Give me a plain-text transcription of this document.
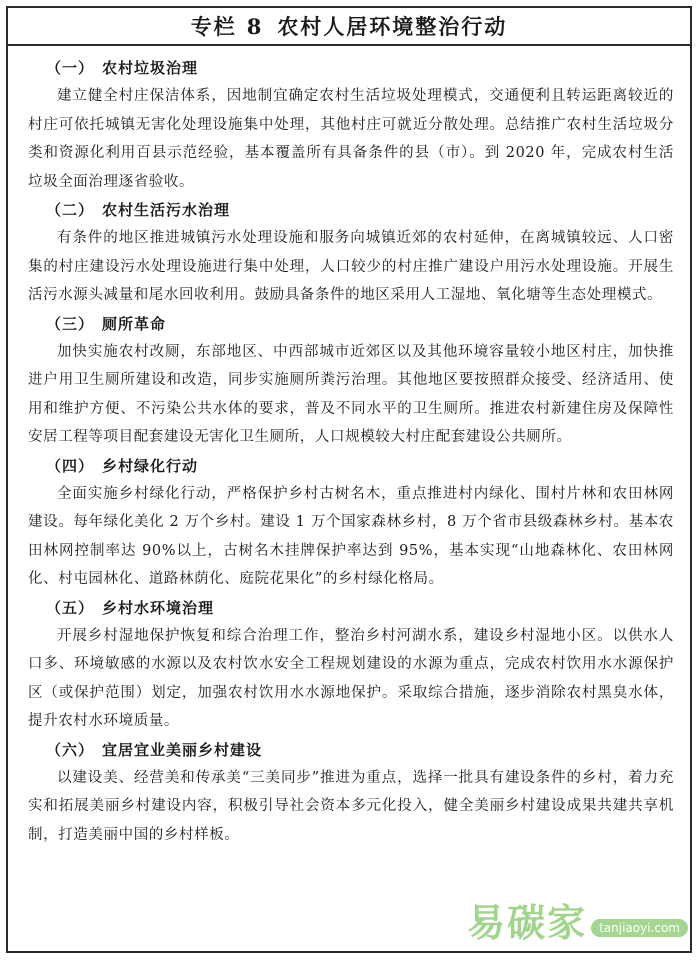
专栏 8 农村人居环境整治行动
（一） 农村垃圾治理

建立健全村庄保洁体系，因地制宜确定农村生活垃圾处理模式，交通便利且转运距离较近的村庄可依托城镇无害化处理设施集中处理，其他村庄可就近分散处理。总结推广农村生活垃圾分类和资源化利用百县示范经验，基本覆盖所有具备条件的县（市）。到 2020 年，完成农村生活垃圾全面治理逐省验收。

（二） 农村生活污水治理

有条件的地区推进城镇污水处理设施和服务向城镇近郊的农村延伸，在离城镇较远、人口密集的村庄建设污水处理设施进行集中处理，人口较少的村庄推广建设户用污水处理设施。开展生活污水源头减量和尾水回收利用。鼓励具备条件的地区采用人工湿地、氧化塘等生态处理模式。

（三） 厕所革命

加快实施农村改厕，东部地区、中西部城市近郊区以及其他环境容量较小地区村庄，加快推进户用卫生厕所建设和改造，同步实施厕所粪污治理。其他地区要按照群众接受、经济适用、使用和维护方便、不污染公共水体的要求，普及不同水平的卫生厕所。推进农村新建住房及保障性安居工程等项目配套建设无害化卫生厕所，人口规模较大村庄配套建设公共厕所。

（四） 乡村绿化行动

全面实施乡村绿化行动，严格保护乡村古树名木，重点推进村内绿化、围村片林和农田林网建设。每年绿化美化 2 万个乡村。建设 1 万个国家森林乡村，8 万个省市县级森林乡村。基本农田林网控制率达 90%以上，古树名木挂牌保护率达到 95%，基本实现“山地森林化、农田林网化、村屯园林化、道路林荫化、庭院花果化”的乡村绿化格局。

（五） 乡村水环境治理

开展乡村湿地保护恢复和综合治理工作，整治乡村河湖水系，建设乡村湿地小区。以供水人口多、环境敏感的水源以及农村饮水安全工程规划建设的水源为重点，完成农村饮用水水源保护区（或保护范围）划定，加强农村饮用水水源地保护。采取综合措施，逐步消除农村黑臭水体，提升农村水环境质量。

（六） 宜居宜业美丽乡村建设

以建设美、经营美和传承美“三美同步”推进为重点，选择一批具有建设条件的乡村，着力充实和拓展美丽乡村建设内容，积极引导社会资本多元化投入，健全美丽乡村建设成果共建共享机制，打造美丽中国的乡村样板。

易碳家	tanjiaoyi.com
